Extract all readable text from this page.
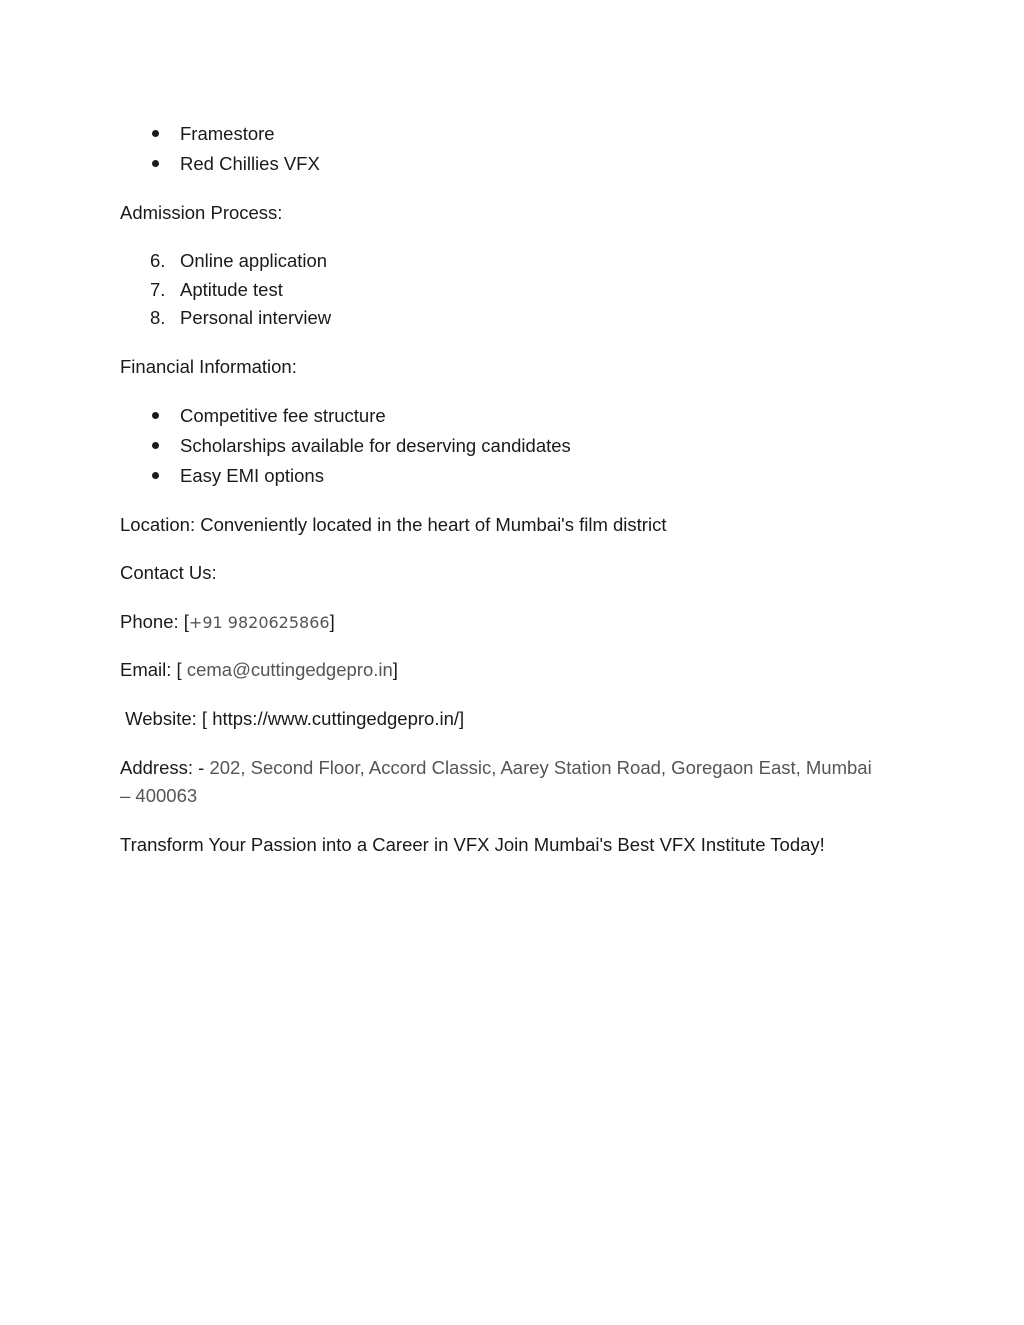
Framestore
Red Chillies VFX
Admission Process:
6. Online application
7. Aptitude test
8. Personal interview
Financial Information:
Competitive fee structure
Scholarships available for deserving candidates
Easy EMI options
Location: Conveniently located in the heart of Mumbai's film district
Contact Us:
Phone: [+91 9820625866]
Email: [ cema@cuttingedgepro.in]
Website: [ https://www.cuttingedgepro.in/]
Address: - 202, Second Floor, Accord Classic, Aarey Station Road, Goregaon East, Mumbai
– 400063
Transform Your Passion into a Career in VFX Join Mumbai's Best VFX Institute Today!
